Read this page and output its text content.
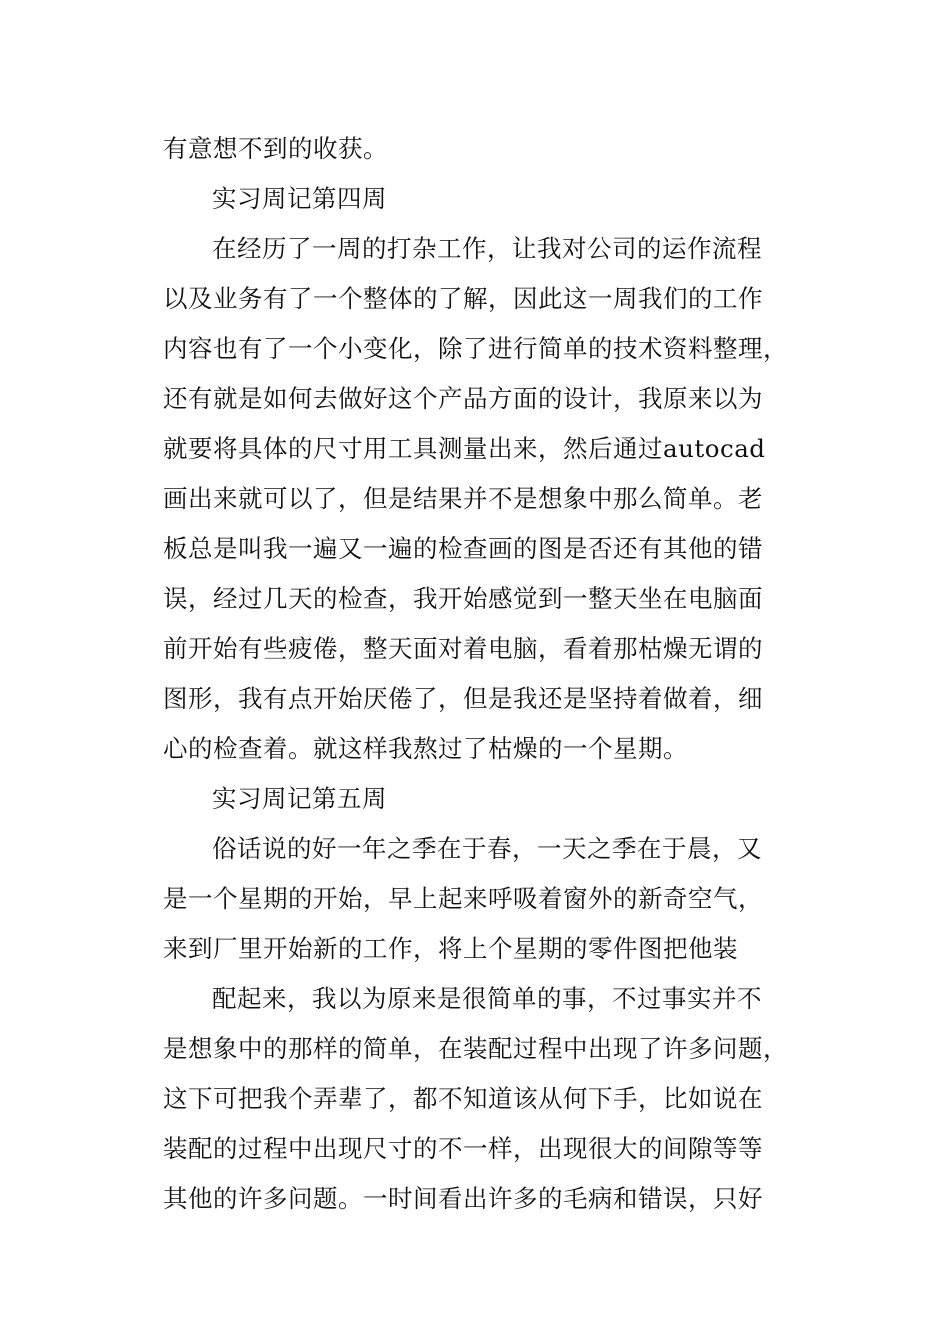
有意想不到的收获。
实习周记第四周
在经历了一周的打杂工作，让我对公司的运作流程
以及业务有了一个整体的了解，因此这一周我们的工作
内容也有了一个小变化，除了进行简单的技术资料整理，
还有就是如何去做好这个产品方面的设计，我原来以为
就要将具体的尺寸用工具测量出来，然后通过autocad
画出来就可以了，但是结果并不是想象中那么简单。老
板总是叫我一遍又一遍的检查画的图是否还有其他的错
误，经过几天的检查，我开始感觉到一整天坐在电脑面
前开始有些疲倦，整天面对着电脑，看着那枯燥无谓的
图形，我有点开始厌倦了，但是我还是坚持着做着，细
心的检查着。就这样我熬过了枯燥的一个星期。
实习周记第五周
俗话说的好一年之季在于春，一天之季在于晨，又
是一个星期的开始，早上起来呼吸着窗外的新奇空气，
来到厂里开始新的工作，将上个星期的零件图把他装
配起来，我以为原来是很简单的事，不过事实并不
是想象中的那样的简单，在装配过程中出现了许多问题，
这下可把我个弄辈了，都不知道该从何下手，比如说在
装配的过程中出现尺寸的不一样，出现很大的间隙等等
其他的许多问题。一时间看出许多的毛病和错误，只好
